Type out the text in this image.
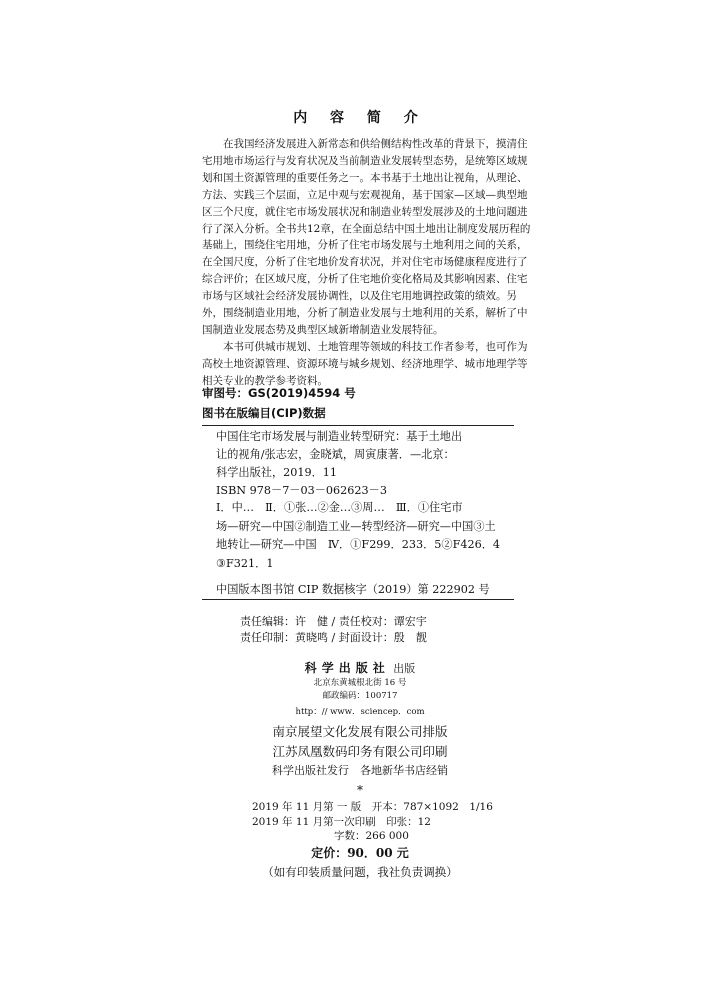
内 容 简 介

在我国经济发展进入新常态和供给侧结构性改革的背景下，摸清住宅用地市场运行与发育状况及当前制造业发展转型态势，是统筹区域规划和国土资源管理的重要任务之一。本书基于土地出让视角，从理论、方法、实践三个层面，立足中观与宏观视角，基于国家—区域—典型地区三个尺度，就住宅市场发展状况和制造业转型发展涉及的土地问题进行了深入分析。全书共12章，在全面总结中国土地出让制度发展历程的基础上，围绕住宅用地，分析了住宅市场发展与土地利用之间的关系，在全国尺度，分析了住宅地价发育状况，并对住宅市场健康程度进行了综合评价；在区域尺度，分析了住宅地价变化格局及其影响因素、住宅市场与区域社会经济发展协调性，以及住宅用地调控政策的绩效。另外，围绕制造业用地，分析了制造业发展与土地利用的关系，解析了中国制造业发展态势及典型区域新增制造业发展特征。

本书可供城市规划、土地管理等领域的科技工作者参考，也可作为高校土地资源管理、资源环境与城乡规划、经济地理学、城市地理学等相关专业的教学参考资料。

审图号：GS(2019)4594 号
图书在版编目(CIP)数据
中国住宅市场发展与制造业转型研究：基于土地出
让的视角/张志宏，金晓斌，周寅康著．—北京：
科学出版社，2019．11
ISBN 978－7－03－062623－3
Ⅰ．中…　Ⅱ．①张…②金…③周…　Ⅲ．①住宅市
场—研究—中国②制造工业—转型经济—研究—中国③土
地转让—研究—中国　Ⅳ．①F299．233．5②F426．4
③F321．1
中国版本图书馆 CIP 数据核字（2019）第 222902 号
责任编辑：许　健 / 责任校对：谭宏宇
责任印制：黄晓鸣 / 封面设计：殷　靓
科学出版社 出版
北京东黄城根北街 16 号
邮政编码：100717
http：// www．sciencep．com
南京展望文化发展有限公司排版
江苏凤凰数码印务有限公司印刷
科学出版社发行　各地新华书店经销
*
2019 年 11 月第 一 版　开本：787×1092　1/16
2019 年 11 月第一次印刷　印张：12
字数：266 000
定价：90．00 元
（如有印装质量问题，我社负责调换）
